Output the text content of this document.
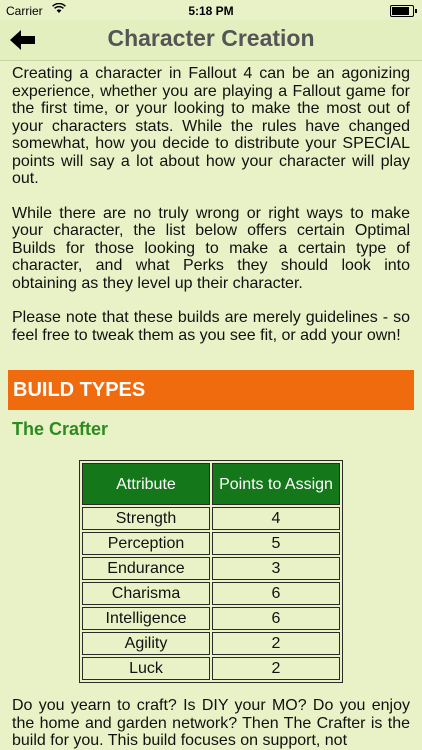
Carrier	5:18 PM
Character Creation

Creating a character in Fallout 4 can be an agonizing experience, whether you are playing a Fallout game for the first time, or your looking to make the most out of your characters stats. While the rules have changed somewhat, how you decide to distribute your SPECIAL points will say a lot about how your character will play out.

While there are no truly wrong or right ways to make your character, the list below offers certain Optimal Builds for those looking to make a certain type of character, and what Perks they should look into obtaining as they level up their character.

Please note that these builds are merely guidelines - so feel free to tweak them as you see fit, or add your own!

BUILD TYPES
The Crafter
Attribute	Points to Assign
Strength	4
Perception	5
Endurance	3
Charisma	6
Intelligence	6
Agility	2
Luck	2

Do you yearn to craft? Is DIY your MO? Do you enjoy the home and garden network? Then The Crafter is the build for you. This build focuses on support, not
